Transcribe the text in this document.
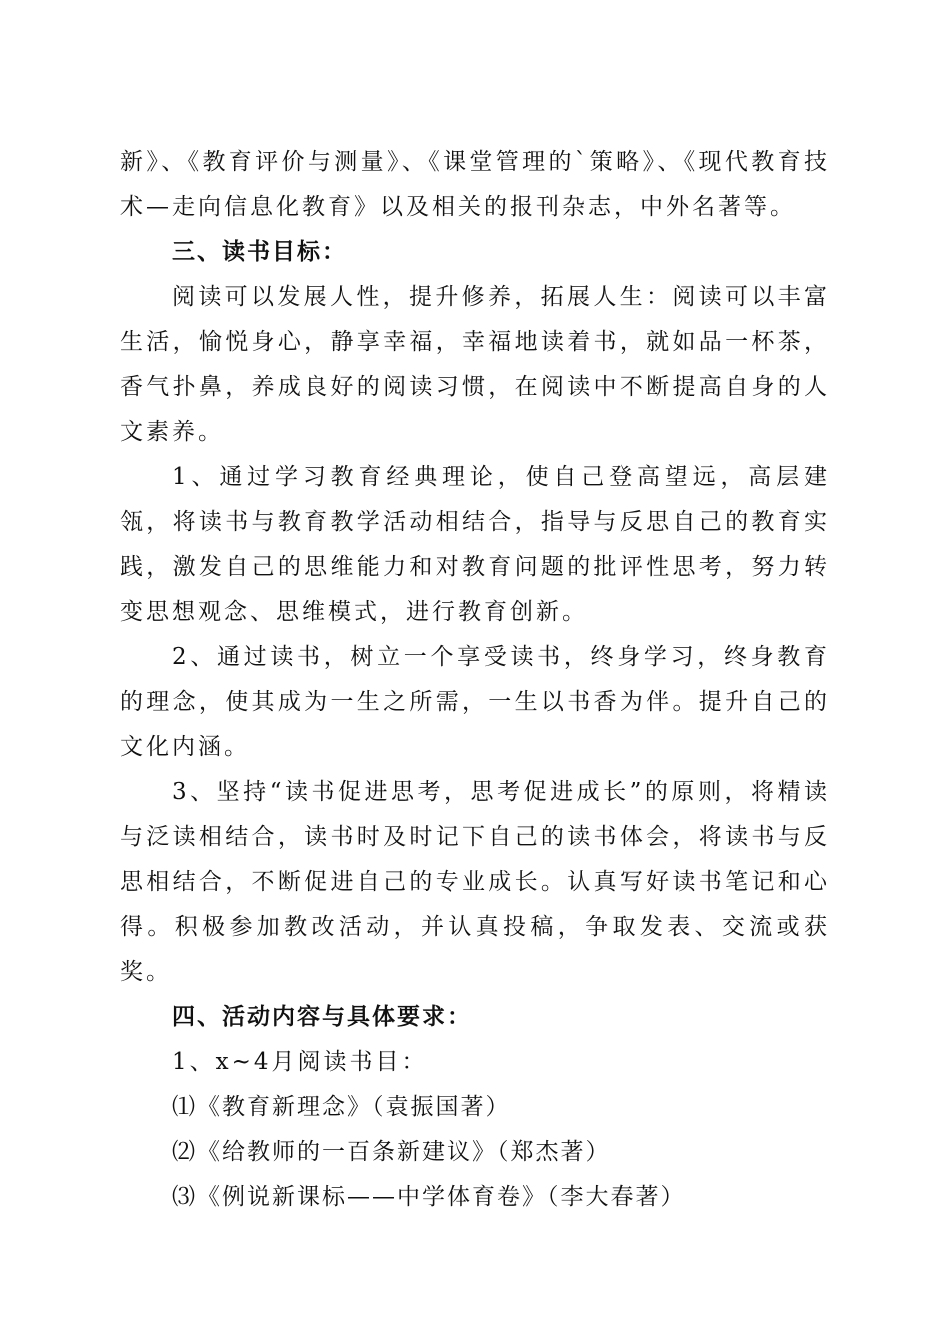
新》、《教育评价与测量》、《课堂管理的`策略》、《现代教育技术—走向信息化教育》以及相关的报刊杂志，中外名著等。

三、读书目标：

阅读可以发展人性，提升修养，拓展人生：阅读可以丰富生活，愉悦身心，静享幸福，幸福地读着书，就如品一杯茶，香气扑鼻，养成良好的阅读习惯，在阅读中不断提高自身的人文素养。

1、通过学习教育经典理论，使自己登高望远，高层建瓴，将读书与教育教学活动相结合，指导与反思自己的教育实践，激发自己的思维能力和对教育问题的批评性思考，努力转变思想观念、思维模式，进行教育创新。

2、通过读书，树立一个享受读书，终身学习，终身教育的理念，使其成为一生之所需，一生以书香为伴。提升自己的文化内涵。

3、坚持“读书促进思考，思考促进成长”的原则，将精读与泛读相结合，读书时及时记下自己的读书体会，将读书与反思相结合，不断促进自己的专业成长。认真写好读书笔记和心得。积极参加教改活动，并认真投稿，争取发表、交流或获奖。

四、活动内容与具体要求：

1、x~4月阅读书目：

⑴《教育新理念》（袁振国著）

⑵《给教师的一百条新建议》（郑杰著）

⑶《例说新课标——中学体育卷》（李大春著）
